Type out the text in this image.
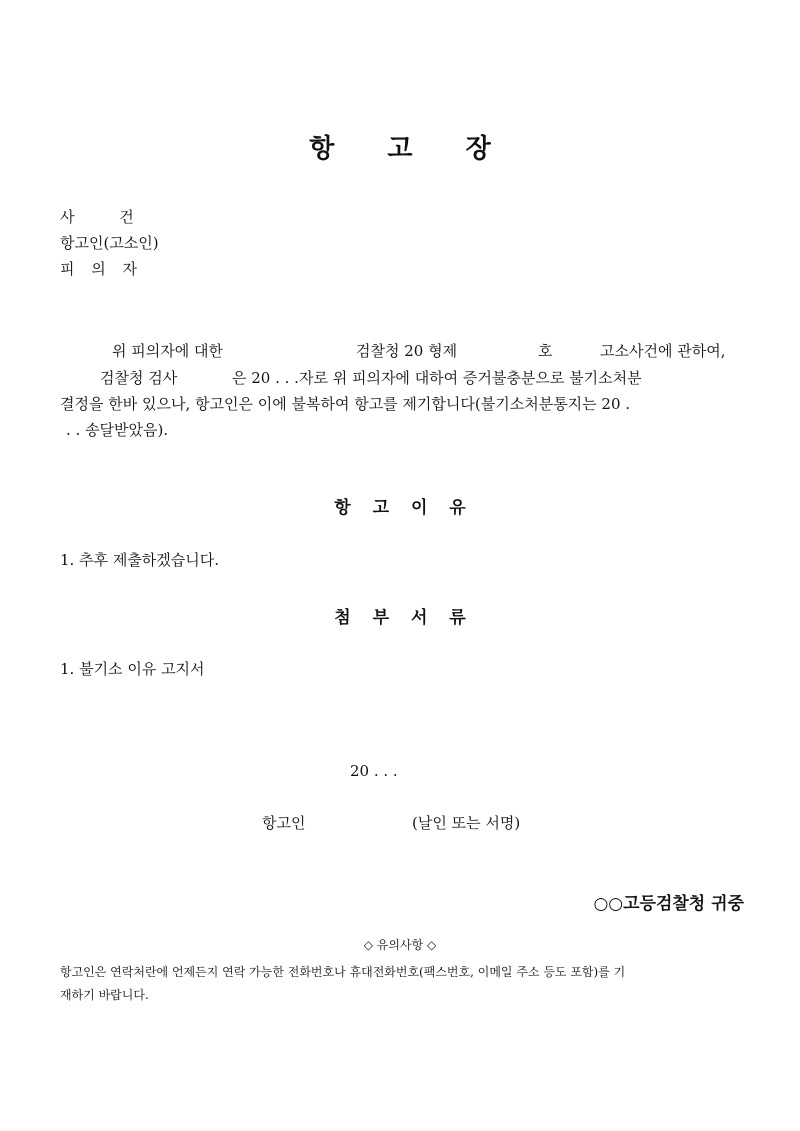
항 고 장
사 건
항고인(고소인)
피 의 자
위 피의자에 대한	검찰청 20 형제	호	고소사건에 관하여,
검찰청 검사	은 20 . . .자로 위 피의자에 대하여 증거불충분으로 불기소처분
결정을 한바 있으나, 항고인은 이에 불복하여 항고를 제기합니다(불기소처분통지는 20 .
. . 송달받았음).
항 고 이 유
1. 추후 제출하겠습니다.
첨 부 서 류
1. 불기소 이유 고지서
20 . . .
항고인	(날인 또는 서명)
○○고등검찰청 귀중
◇ 유의사항 ◇
항고인은 연락처란에 언제든지 연락 가능한 전화번호나 휴대전화번호(팩스번호, 이메일 주소 등도 포함)를 기
재하기 바랍니다.
